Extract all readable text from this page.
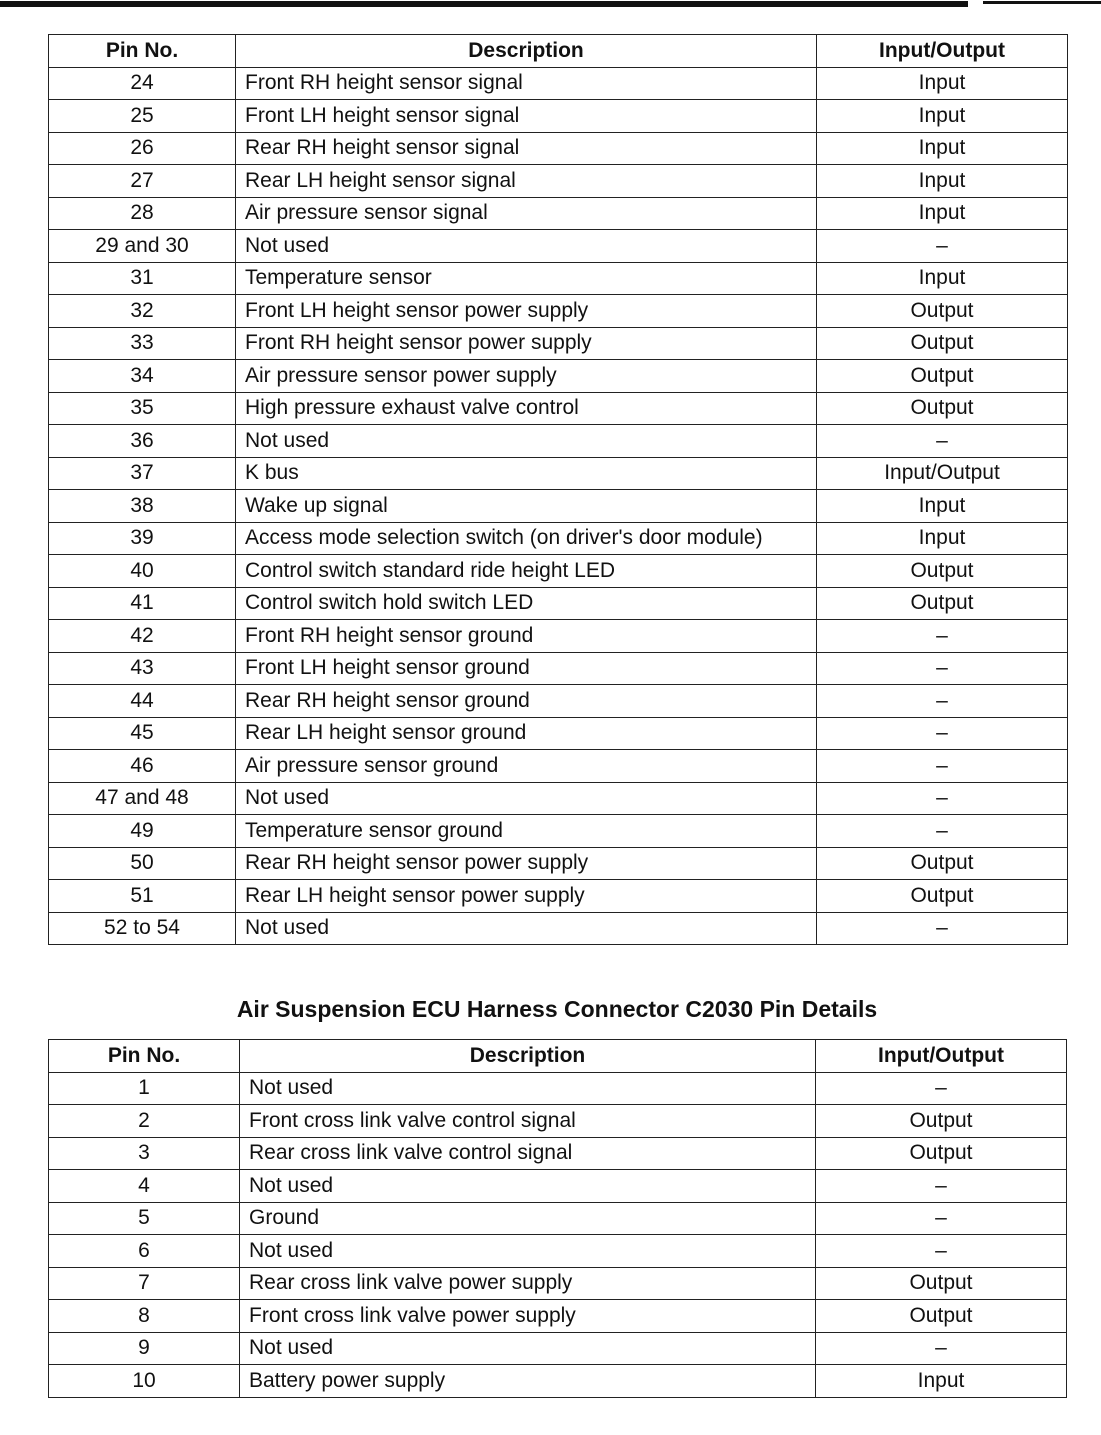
Pin No.	Description	Input/Output
24	Front RH height sensor signal	Input
25	Front LH height sensor signal	Input
26	Rear RH height sensor signal	Input
27	Rear LH height sensor signal	Input
28	Air pressure sensor signal	Input
29 and 30	Not used	–
31	Temperature sensor	Input
32	Front LH height sensor power supply	Output
33	Front RH height sensor power supply	Output
34	Air pressure sensor power supply	Output
35	High pressure exhaust valve control	Output
36	Not used	–
37	K bus	Input/Output
38	Wake up signal	Input
39	Access mode selection switch (on driver's door module)	Input
40	Control switch standard ride height LED	Output
41	Control switch hold switch LED	Output
42	Front RH height sensor ground	–
43	Front LH height sensor ground	–
44	Rear RH height sensor ground	–
45	Rear LH height sensor ground	–
46	Air pressure sensor ground	–
47 and 48	Not used	–
49	Temperature sensor ground	–
50	Rear RH height sensor power supply	Output
51	Rear LH height sensor power supply	Output
52 to 54	Not used	–
Air Suspension ECU Harness Connector C2030 Pin Details
Pin No.	Description	Input/Output
1	Not used	–
2	Front cross link valve control signal	Output
3	Rear cross link valve control signal	Output
4	Not used	–
5	Ground	–
6	Not used	–
7	Rear cross link valve power supply	Output
8	Front cross link valve power supply	Output
9	Not used	–
10	Battery power supply	Input
